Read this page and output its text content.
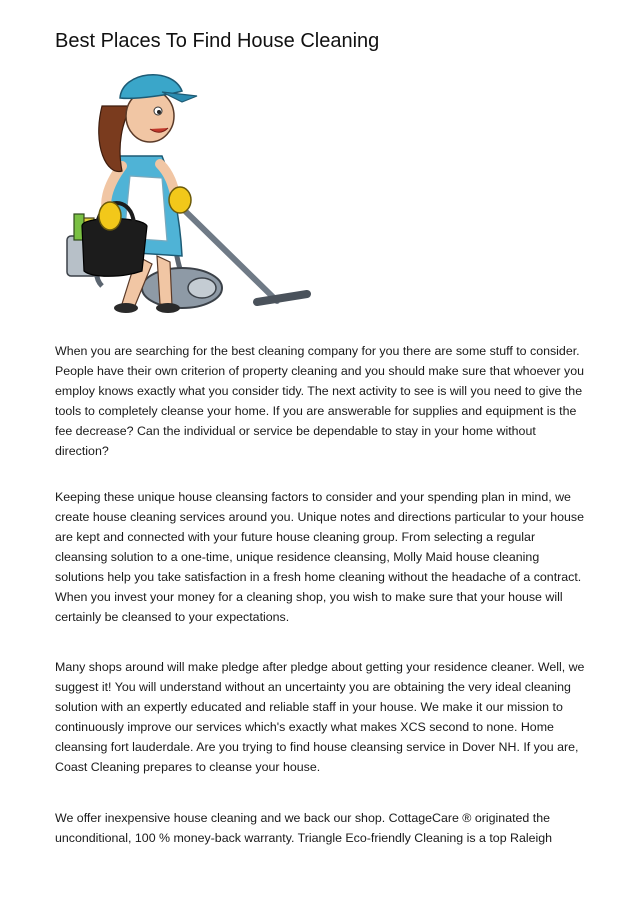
Best Places To Find House Cleaning

When you are searching for the best cleaning company for you there are some stuff to consider. People have their own criterion of property cleaning and you should make sure that whoever you employ knows exactly what you consider tidy. The next activity to see is will you need to give the tools to completely cleanse your home. If you are answerable for supplies and equipment is the fee decrease? Can the individual or service be dependable to stay in your home without direction?

Keeping these unique house cleansing factors to consider and your spending plan in mind, we create house cleaning services around you. Unique notes and directions particular to your house are kept and connected with your future house cleaning group. From selecting a regular cleansing solution to a one-time, unique residence cleansing, Molly Maid house cleaning solutions help you take satisfaction in a fresh home cleaning without the headache of a contract. When you invest your money for a cleaning shop, you wish to make sure that your house will certainly be cleansed to your expectations.

Many shops around will make pledge after pledge about getting your residence cleaner. Well, we suggest it! You will understand without an uncertainty you are obtaining the very ideal cleaning solution with an expertly educated and reliable staff in your house. We make it our mission to continuously improve our services which's exactly what makes XCS second to none. Home cleansing fort lauderdale. Are you trying to find house cleansing service in Dover NH. If you are, Coast Cleaning prepares to cleanse your house.

We offer inexpensive house cleaning and we back our shop. CottageCare ® originated the unconditional, 100 % money-back warranty. Triangle Eco-friendly Cleaning is a top Raleigh
